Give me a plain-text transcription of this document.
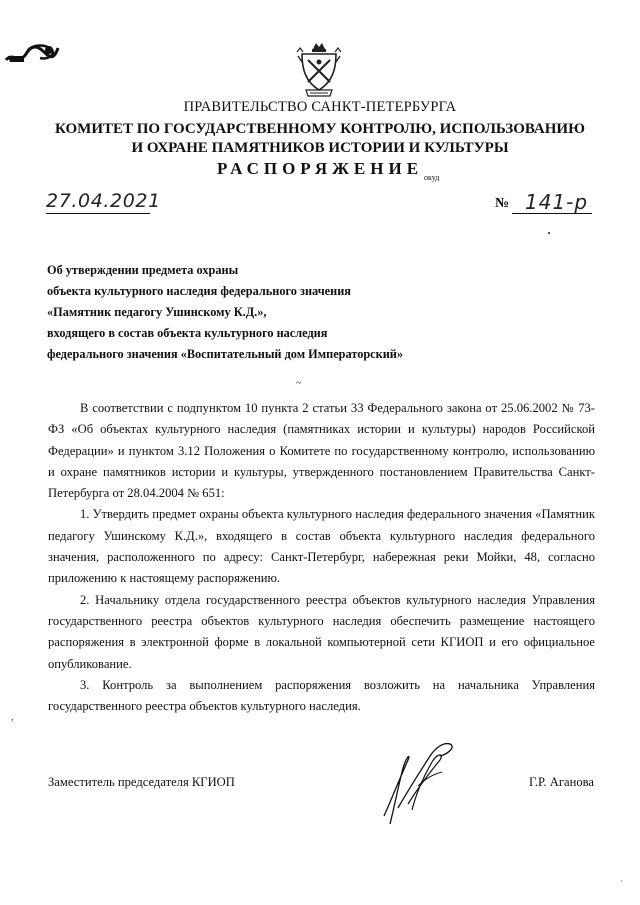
ПРАВИТЕЛЬСТВО САНКТ-ПЕТЕРБУРГА
КОМИТЕТ ПО ГОСУДАРСТВЕННОМУ КОНТРОЛЮ, ИСПОЛЬЗОВАНИЮ
И ОХРАНЕ ПАМЯТНИКОВ ИСТОРИИ И КУЛЬТУРЫ
РАСПОРЯЖЕНИЕ окуд
27.04.2021	№ 141-р
Об утверждении предмета охраны
объекта культурного наследия федерального значения
«Памятник педагогу Ушинскому К.Д.»,
входящего в состав объекта культурного наследия
федерального значения «Воспитательный дом Императорский»
~

В соответствии с подпунктом 10 пункта 2 статьи 33 Федерального закона от 25.06.2002 № 73-ФЗ «Об объектах культурного наследия (памятниках истории и культуры) народов Российской Федерации» и пунктом 3.12 Положения о Комитете по государственному контролю, использованию и охране памятников истории и культуры, утвержденного постановлением Правительства Санкт-Петербурга от 28.04.2004 № 651:

1. Утвердить предмет охраны объекта культурного наследия федерального значения «Памятник педагогу Ушинскому К.Д.», входящего в состав объекта культурного наследия федерального значения, расположенного по адресу: Санкт-Петербург, набережная реки Мойки, 48, согласно приложению к настоящему распоряжению.

2. Начальнику отдела государственного реестра объектов культурного наследия Управления государственного реестра объектов культурного наследия обеспечить размещение настоящего распоряжения в электронной форме в локальной компьютерной сети КГИОП и его официальное опубликование.

3. Контроль за выполнением распоряжения возложить на начальника Управления государственного реестра объектов культурного наследия.

,
Заместитель председателя КГИОП	Г.Р. Аганова
·
